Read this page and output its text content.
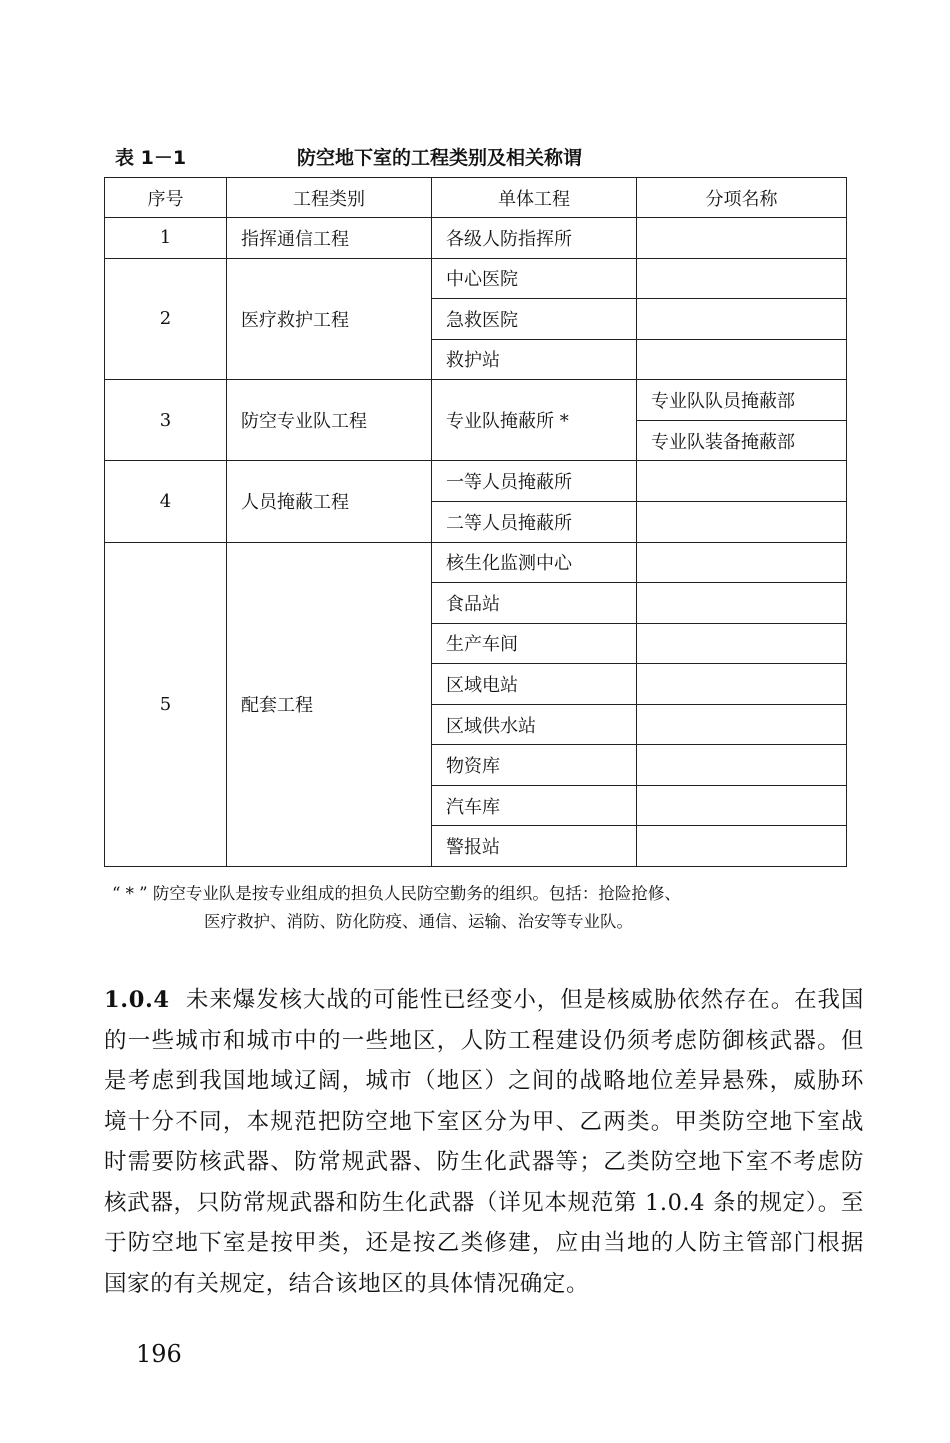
表 1－1	防空地下室的工程类别及相关称谓
序号	工程类别	单体工程	分项名称
1	指挥通信工程	各级人防指挥所	
2	医疗救护工程	中心医院	
		急救医院	
		救护站	
3	防空专业队工程	专业队掩蔽所 *	专业队队员掩蔽部
			专业队装备掩蔽部
4	人员掩蔽工程	一等人员掩蔽所	
		二等人员掩蔽所	
5	配套工程	核生化监测中心	
		食品站	
		生产车间	
		区域电站	
		区域供水站	
		物资库	
		汽车库	
		警报站	
“ * ” 防空专业队是按专业组成的担负人民防空勤务的组织。包括：抢险抢修、
医疗救护、消防、防化防疫、通信、运输、治安等专业队。
1.0.4 未来爆发核大战的可能性已经变小，但是核威胁依然存在。在我国的一些城市和城市中的一些地区，人防工程建设仍须考虑防御核武器。但是考虑到我国地域辽阔，城市（地区）之间的战略地位差异悬殊，威胁环境十分不同，本规范把防空地下室区分为甲、乙两类。甲类防空地下室战时需要防核武器、防常规武器、防生化武器等；乙类防空地下室不考虑防核武器，只防常规武器和防生化武器（详见本规范第 1.0.4 条的规定）。至于防空地下室是按甲类，还是按乙类修建，应由当地的人防主管部门根据国家的有关规定，结合该地区的具体情况确定。
196
